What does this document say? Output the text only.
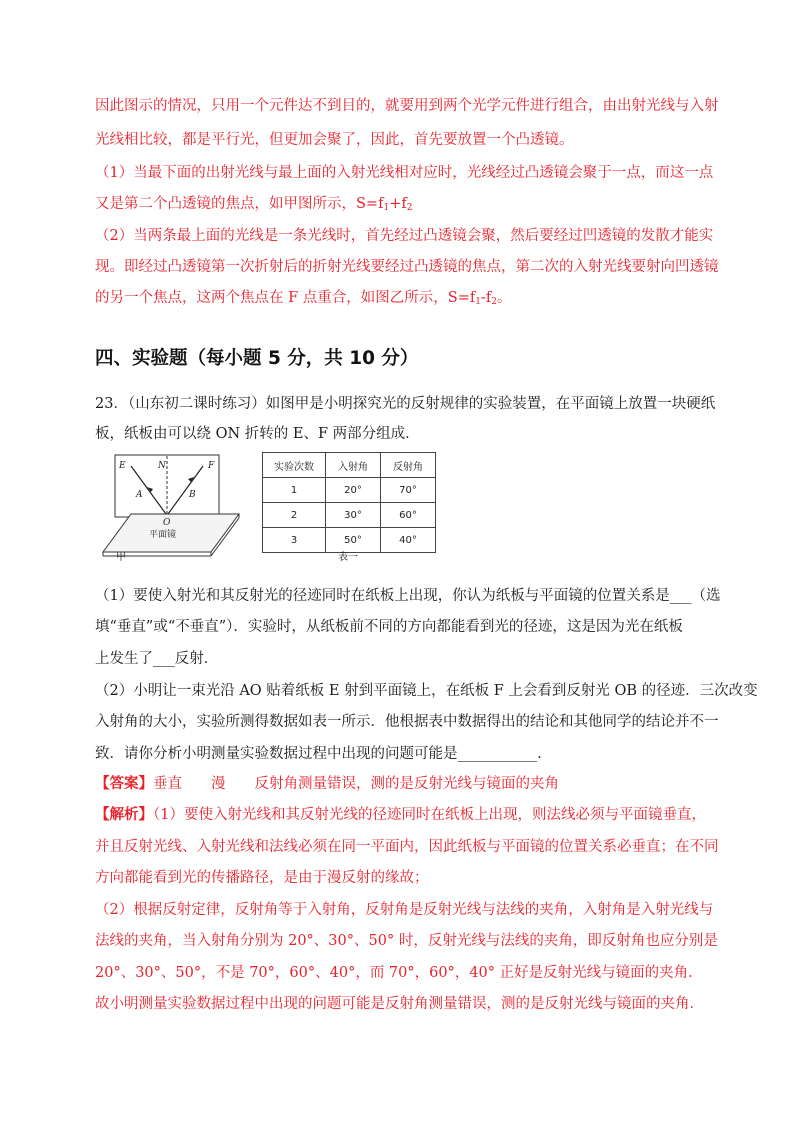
因此图示的情况，只用一个元件达不到目的，就要用到两个光学元件进行组合，由出射光线与入射
光线相比较，都是平行光，但更加会聚了，因此，首先要放置一个凸透镜。
（1）当最下面的出射光线与最上面的入射光线相对应时，光线经过凸透镜会聚于一点，而这一点
又是第二个凸透镜的焦点，如甲图所示，$S=f_1+f_2$
（2）当两条最上面的光线是一条光线时，首先经过凸透镜会聚，然后要经过凹透镜的发散才能实
现。即经过凸透镜第一次折射后的折射光线要经过凸透镜的焦点，第二次的入射光线要射向凹透镜
的另一个焦点，这两个焦点在 F 点重合，如图乙所示，$S=f_1-f_2$。
四、实验题（每小题 5 分，共 10 分）
23．（山东初二课时练习）如图甲是小明探究光的反射规律的实验装置，在平面镜上放置一块硬纸
板，纸板由可以绕 ON 折转的 E、F 两部分组成．
E	N'	F
A	B
O
平面镜
甲
实验次数	入射角	反射角
1	20°	70°
2	30°	60°
3	50°	40°
表一
（1）要使入射光和其反射光的径迹同时在纸板上出现，你认为纸板与平面镜的位置关系是___（选
填“垂直”或“不垂直”）．实验时，从纸板前不同的方向都能看到光的径迹，这是因为光在纸板
上发生了___反射．
（2）小明让一束光沿 AO 贴着纸板 E 射到平面镜上，在纸板 F 上会看到反射光 OB 的径迹．三次改变
入射角的大小，实验所测得数据如表一所示．他根据表中数据得出的结论和其他同学的结论并不一
致．请你分析小明测量实验数据过程中出现的问题可能是___________．
【答案】垂直　　漫　　反射角测量错误，测的是反射光线与镜面的夹角
【解析】（1）要使入射光线和其反射光线的径迹同时在纸板上出现，则法线必须与平面镜垂直，
并且反射光线、入射光线和法线必须在同一平面内，因此纸板与平面镜的位置关系必垂直；在不同
方向都能看到光的传播路径，是由于漫反射的缘故；
（2）根据反射定律，反射角等于入射角，反射角是反射光线与法线的夹角，入射角是入射光线与
法线的夹角，当入射角分别为 20°、30°、50° 时，反射光线与法线的夹角，即反射角也应分别是
20°、30°、50°，不是 70°，60°、40°，而 70°，60°，40° 正好是反射光线与镜面的夹角．
故小明测量实验数据过程中出现的问题可能是反射角测量错误，测的是反射光线与镜面的夹角．
